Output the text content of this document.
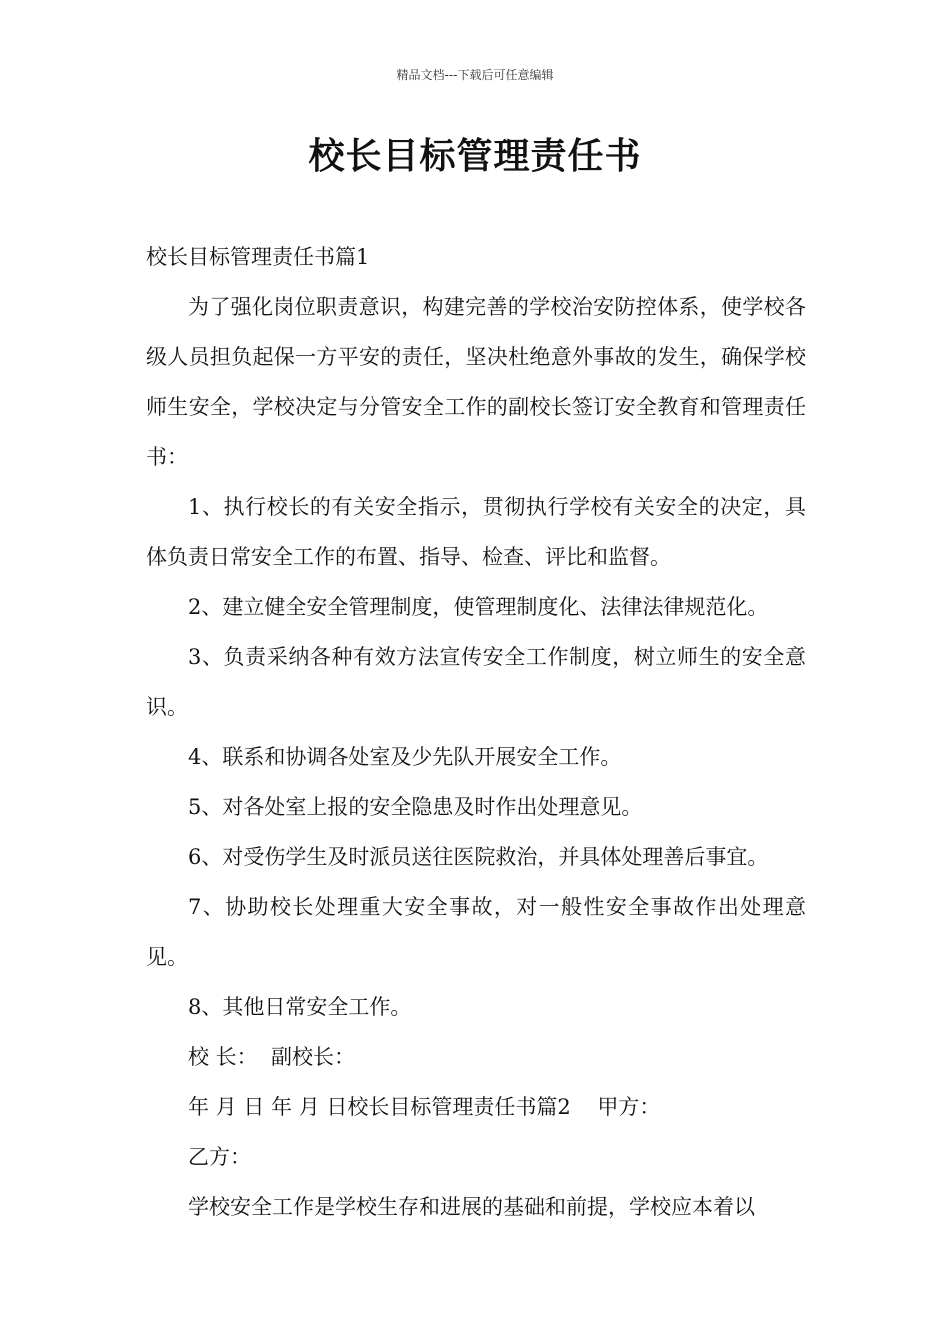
精品文档---下载后可任意编辑
校长目标管理责任书

校长目标管理责任书篇1

为了强化岗位职责意识，构建完善的学校治安防控体系，使学校各级人员担负起保一方平安的责任，坚决杜绝意外事故的发生，确保学校师生安全，学校决定与分管安全工作的副校长签订安全教育和管理责任书：

1、执行校长的有关安全指示，贯彻执行学校有关安全的决定，具体负责日常安全工作的布置、指导、检查、评比和监督。

2、建立健全安全管理制度，使管理制度化、法律法律规范化。

3、负责采纳各种有效方法宣传安全工作制度，树立师生的安全意识。

4、联系和协调各处室及少先队开展安全工作。

5、对各处室上报的安全隐患及时作出处理意见。

6、对受伤学生及时派员送往医院救治，并具体处理善后事宜。

7、协助校长处理重大安全事故，对一般性安全事故作出处理意见。

8、其他日常安全工作。

校 长：  副校长：

年 月 日 年 月 日校长目标管理责任书篇2    甲方：

乙方：

学校安全工作是学校生存和进展的基础和前提，学校应本着以
